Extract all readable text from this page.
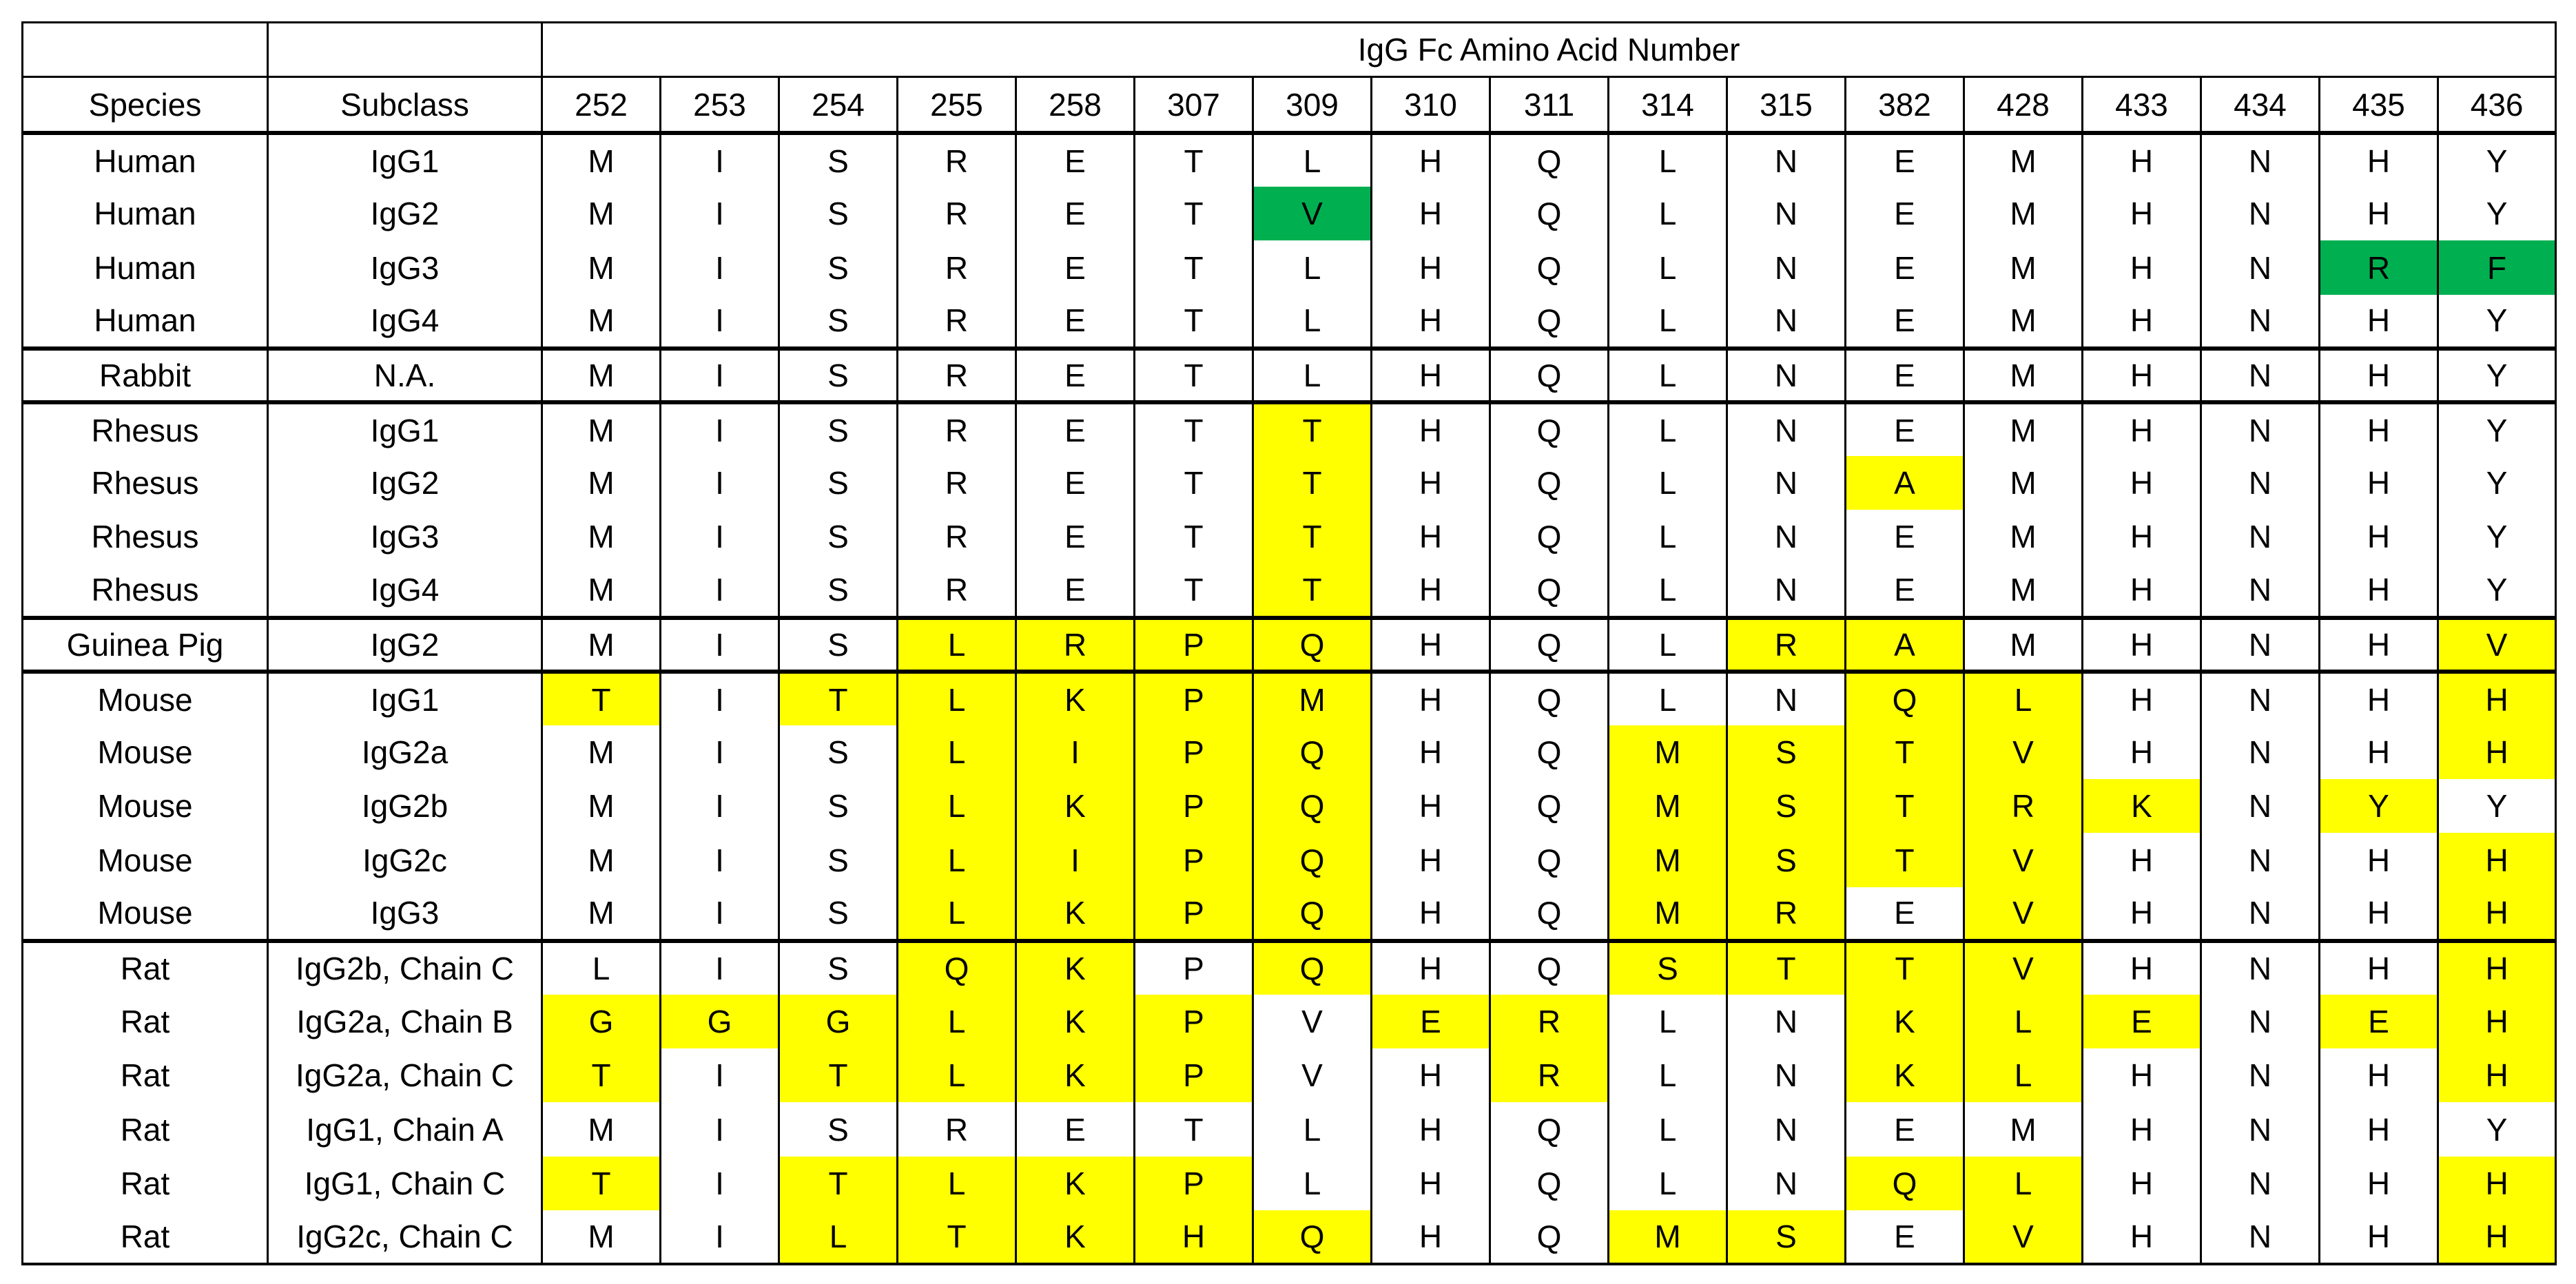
		IgG Fc Amino Acid Number																
Species	Subclass	252	253	254	255	258	307	309	310	311	314	315	382	428	433	434	435	436
Human	IgG1	M	I	S	R	E	T	L	H	Q	L	N	E	M	H	N	H	Y
Human	IgG2	M	I	S	R	E	T	V	H	Q	L	N	E	M	H	N	H	Y
Human	IgG3	M	I	S	R	E	T	L	H	Q	L	N	E	M	H	N	R	F
Human	IgG4	M	I	S	R	E	T	L	H	Q	L	N	E	M	H	N	H	Y
Rabbit	N.A.	M	I	S	R	E	T	L	H	Q	L	N	E	M	H	N	H	Y
Rhesus	IgG1	M	I	S	R	E	T	T	H	Q	L	N	E	M	H	N	H	Y
Rhesus	IgG2	M	I	S	R	E	T	T	H	Q	L	N	A	M	H	N	H	Y
Rhesus	IgG3	M	I	S	R	E	T	T	H	Q	L	N	E	M	H	N	H	Y
Rhesus	IgG4	M	I	S	R	E	T	T	H	Q	L	N	E	M	H	N	H	Y
Guinea Pig	IgG2	M	I	S	L	R	P	Q	H	Q	L	R	A	M	H	N	H	V
Mouse	IgG1	T	I	T	L	K	P	M	H	Q	L	N	Q	L	H	N	H	H
Mouse	IgG2a	M	I	S	L	I	P	Q	H	Q	M	S	T	V	H	N	H	H
Mouse	IgG2b	M	I	S	L	K	P	Q	H	Q	M	S	T	R	K	N	Y	Y
Mouse	IgG2c	M	I	S	L	I	P	Q	H	Q	M	S	T	V	H	N	H	H
Mouse	IgG3	M	I	S	L	K	P	Q	H	Q	M	R	E	V	H	N	H	H
Rat	IgG2b, Chain C	L	I	S	Q	K	P	Q	H	Q	S	T	T	V	H	N	H	H
Rat	IgG2a, Chain B	G	G	G	L	K	P	V	E	R	L	N	K	L	E	N	E	H
Rat	IgG2a, Chain C	T	I	T	L	K	P	V	H	R	L	N	K	L	H	N	H	H
Rat	IgG1, Chain A	M	I	S	R	E	T	L	H	Q	L	N	E	M	H	N	H	Y
Rat	IgG1, Chain C	T	I	T	L	K	P	L	H	Q	L	N	Q	L	H	N	H	H
Rat	IgG2c, Chain C	M	I	L	T	K	H	Q	H	Q	M	S	E	V	H	N	H	H
